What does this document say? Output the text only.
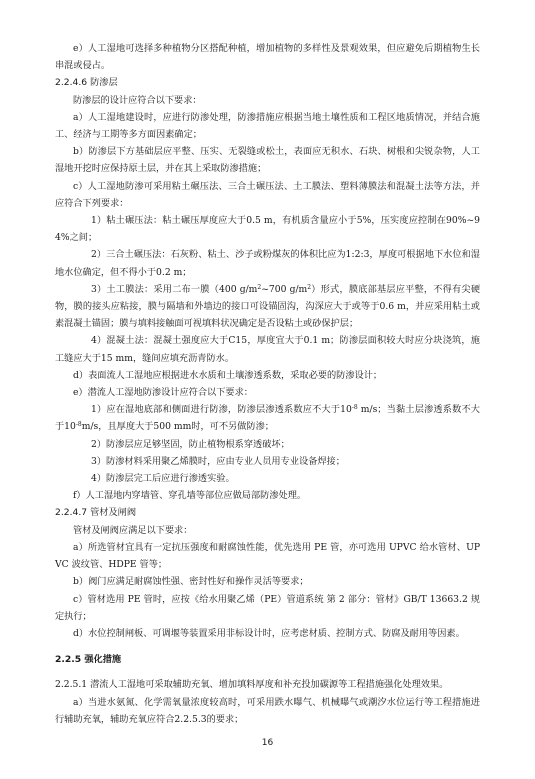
e）人工湿地可选择多种植物分区搭配种植，增加植物的多样性及景观效果，但应避免后期植物生长串混或侵占。

2.2.4.6 防渗层

防渗层的设计应符合以下要求：

a）人工湿地建设时，应进行防渗处理，防渗措施应根据当地土壤性质和工程区地质情况，并结合施工、经济与工期等多方面因素确定；

b）防渗层下方基础层应平整、压实、无裂缝或松土，表面应无积水、石块、树根和尖锐杂物，人工湿地开挖时应保持原土层，并在其上采取防渗措施；

c）人工湿地防渗可采用粘土碾压法、三合土碾压法、土工膜法、塑料薄膜法和混凝土法等方法，并应符合下列要求：

1）粘土碾压法：粘土碾压厚度应大于0.5 m，有机质含量应小于5%，压实度应控制在90%~94%之间；

2）三合土碾压法：石灰粉、粘土、沙子或粉煤灰的体积比应为1:2:3，厚度可根据地下水位和湿地水位确定，但不得小于0.2 m；

3）土工膜法：采用二布一膜（400 $g/m^2\sim 700$ $g/m^2$）形式，膜底部基层应平整，不得有尖硬物，膜的接头应粘接，膜与隔墙和外墙边的接口可设锚固沟，沟深应大于或等于0.6 m，并应采用粘土或素混凝土锚固；膜与填料接触面可视填料状况确定是否设粘土或砂保护层；

4）混凝土法：混凝土强度应大于C15，厚度宜大于0.1 m；防渗层面积较大时应分块浇筑，施工缝应大于15 mm，缝间应填充沥青防水。

d）表面流人工湿地应根据进水水质和土壤渗透系数，采取必要的防渗设计；

e）潜流人工湿地防渗设计应符合以下要求：

1）应在湿地底部和侧面进行防渗，防渗层渗透系数应不大于$10^{-8}$ m/s；当黏土层渗透系数不大于$10^{-8}m/s$，且厚度大于500 mm时，可不另做防渗；

2）防渗层应足够坚固，防止植物根系穿透破坏；

3）防渗材料采用聚乙烯膜时，应由专业人员用专业设备焊接；

4）防渗层完工后应进行渗透实验。

f）人工湿地内穿墙管、穿孔墙等部位应做局部防渗处理。

2.2.4.7 管材及闸阀

管材及闸阀应满足以下要求：

a）所选管材宜具有一定抗压强度和耐腐蚀性能，优先选用 PE 管，亦可选用 UPVC 给水管材、UPVC 波纹管、HDPE 管等；

b）阀门应满足耐腐蚀性强、密封性好和操作灵活等要求；

c）管材选用 PE 管时，应按《给水用聚乙烯（PE）管道系统 第 2 部分：管材》GB/T 13663.2 规定执行；

d）水位控制闸板、可调堰等装置采用非标设计时，应考虑材质、控制方式、防腐及耐用等因素。

2.2.5 强化措施

2.2.5.1 潜流人工湿地可采取辅助充氧、增加填料厚度和补充投加碳源等工程措施强化处理效果。

a）当进水氨氮、化学需氧量浓度较高时，可采用跌水曝气、机械曝气或潮汐水位运行等工程措施进行辅助充氧，辅助充氧应符合2.2.5.3的要求；

16
